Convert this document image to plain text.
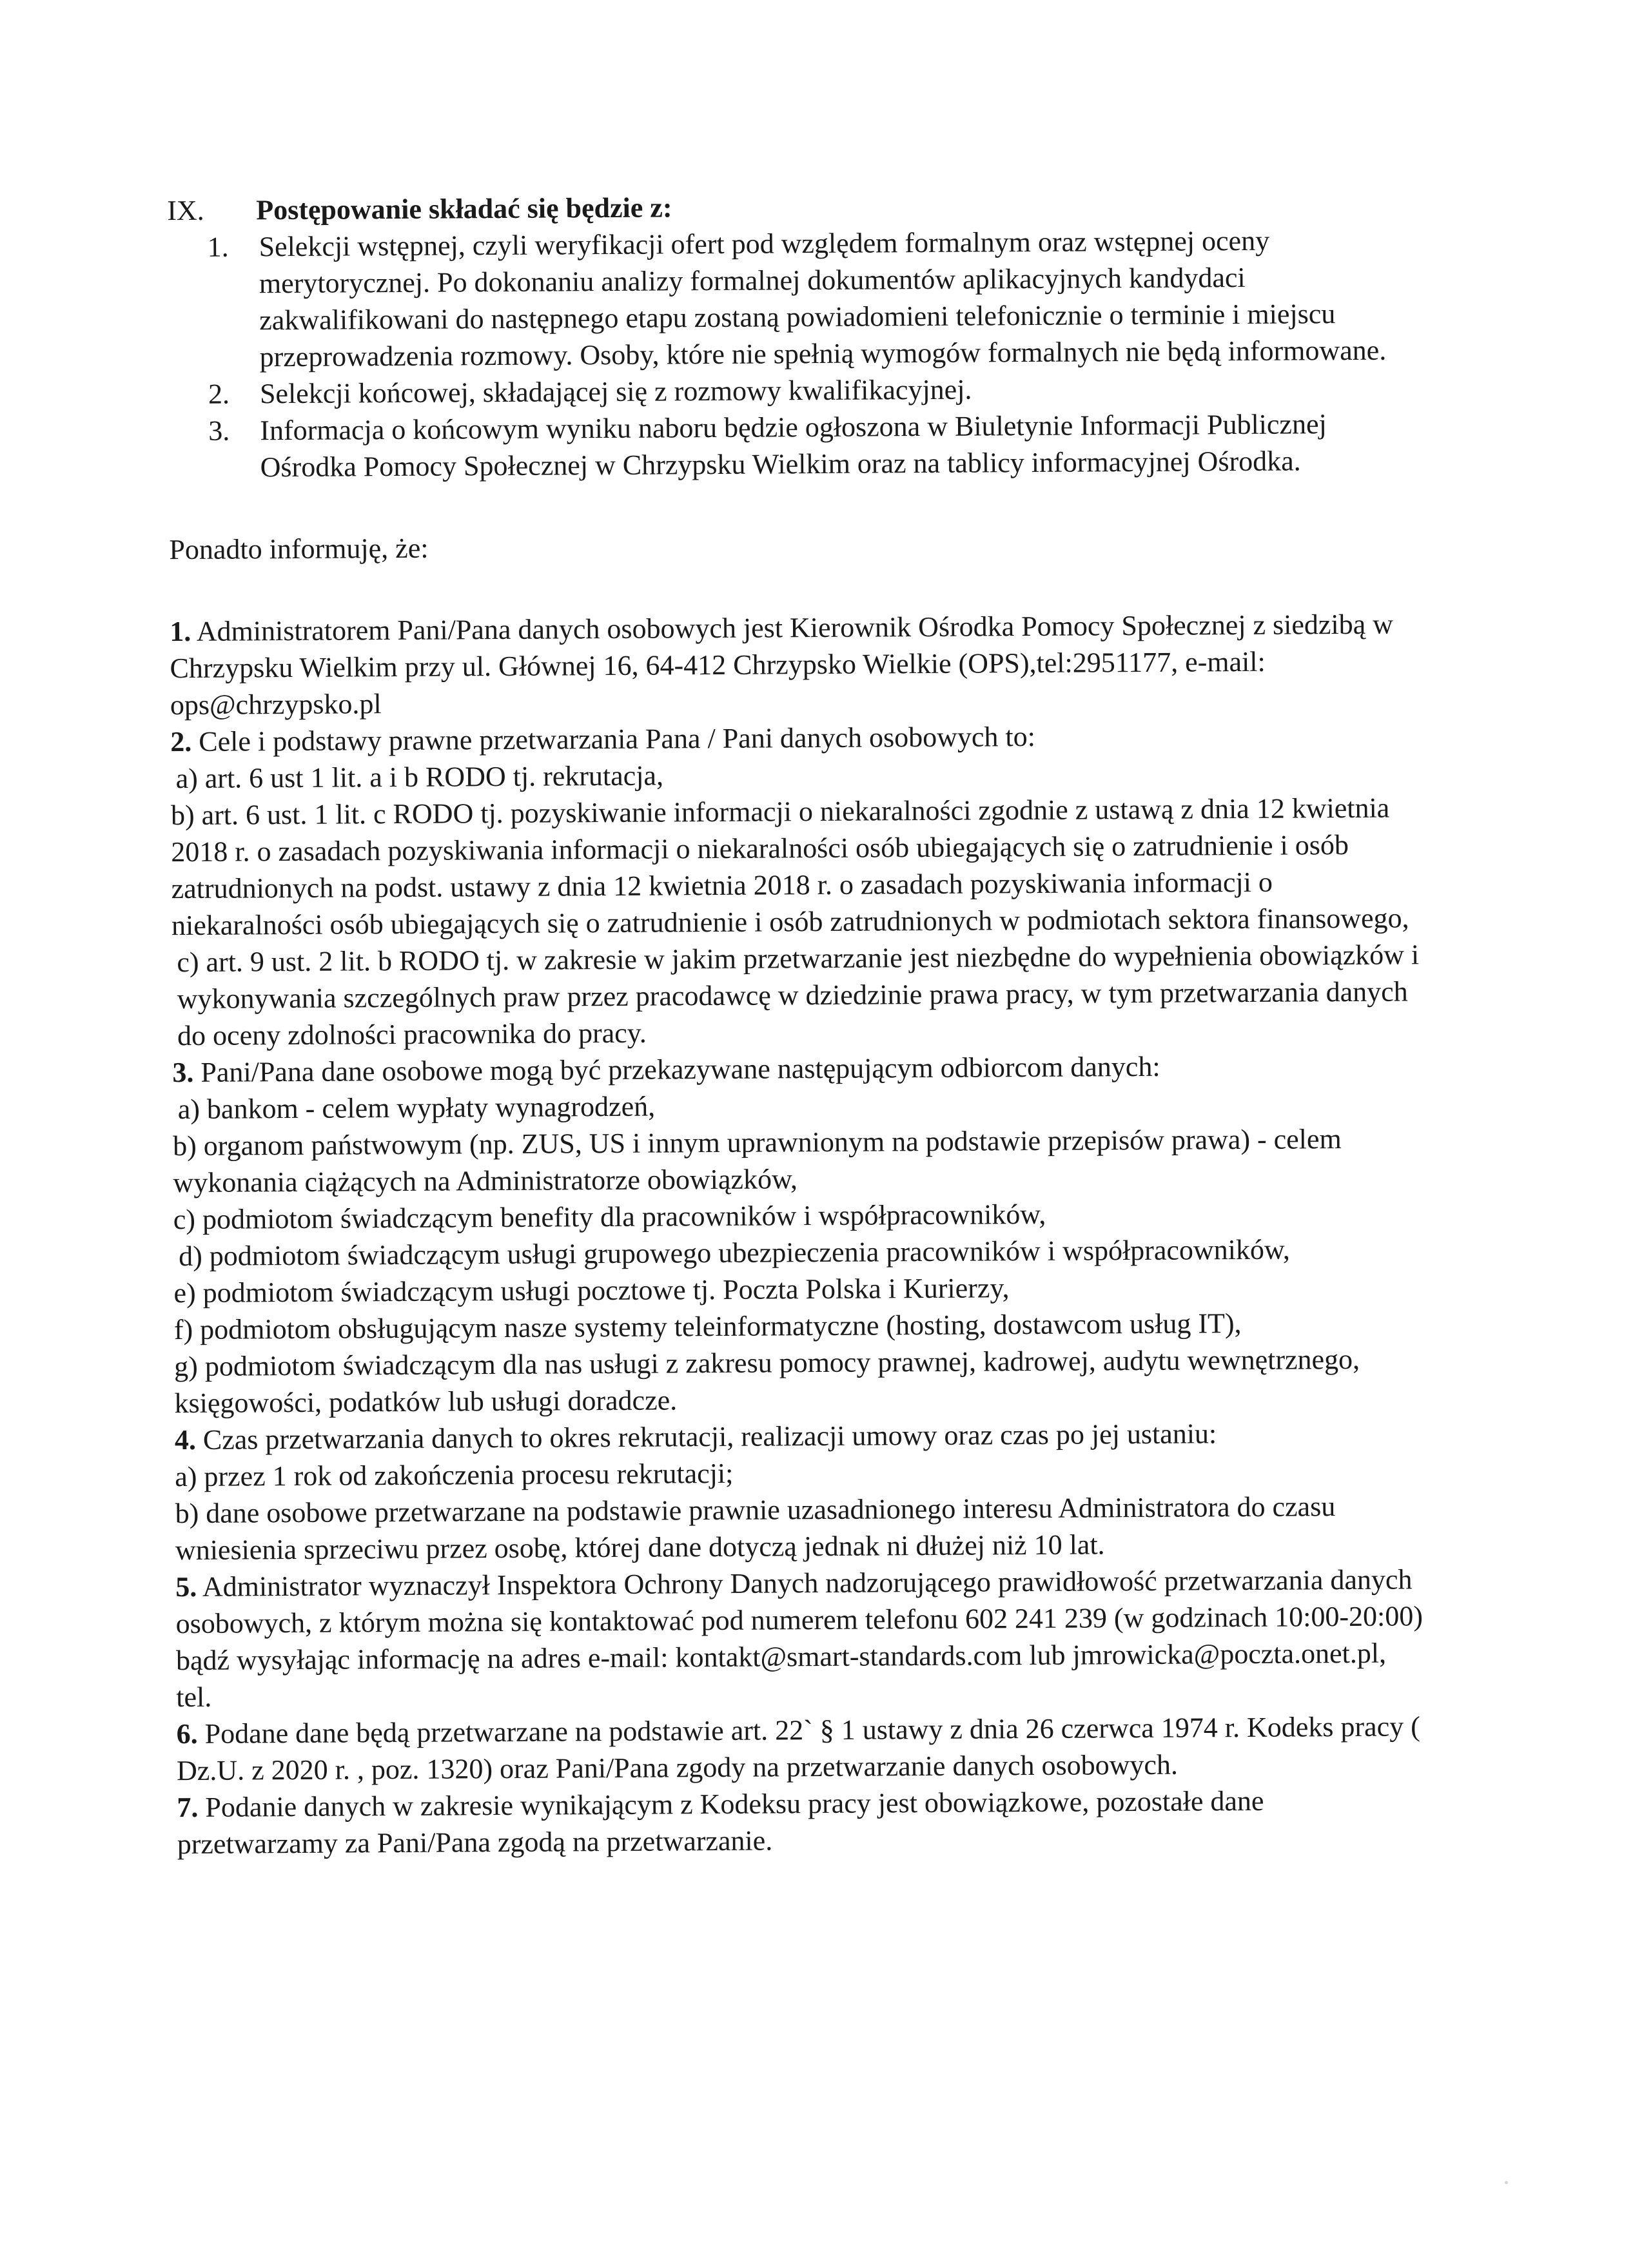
IX.	Postępowanie składać się będzie z:
1.	Selekcji wstępnej, czyli weryfikacji ofert pod względem formalnym oraz wstępnej oceny merytorycznej. Po dokonaniu analizy formalnej dokumentów aplikacyjnych kandydaci zakwalifikowani do następnego etapu zostaną powiadomieni telefonicznie o terminie i miejscu przeprowadzenia rozmowy. Osoby, które nie spełnią wymogów formalnych nie będą informowane.
2.	Selekcji końcowej, składającej się z rozmowy kwalifikacyjnej.
3.	Informacja o końcowym wyniku naboru będzie ogłoszona w Biuletynie Informacji Publicznej Ośrodka Pomocy Społecznej w Chrzypsku Wielkim oraz na tablicy informacyjnej Ośrodka.

Ponadto informuję, że:

1. Administratorem Pani/Pana danych osobowych jest Kierownik Ośrodka Pomocy Społecznej z siedzibą w Chrzypsku Wielkim przy ul. Głównej 16, 64-412 Chrzypsko Wielkie (OPS),tel:2951177, e-mail: ops@chrzypsko.pl

2. Cele i podstawy prawne przetwarzania Pana / Pani danych osobowych to:

a) art. 6 ust 1 lit. a i b RODO tj. rekrutacja,

b) art. 6 ust. 1 lit. c RODO tj. pozyskiwanie informacji o niekaralności zgodnie z ustawą z dnia 12 kwietnia 2018 r. o zasadach pozyskiwania informacji o niekaralności osób ubiegających się o zatrudnienie i osób zatrudnionych na podst. ustawy z dnia 12 kwietnia 2018 r. o zasadach pozyskiwania informacji o niekaralności osób ubiegających się o zatrudnienie i osób zatrudnionych w podmiotach sektora finansowego,

c) art. 9 ust. 2 lit. b RODO tj. w zakresie w jakim przetwarzanie jest niezbędne do wypełnienia obowiązków i wykonywania szczególnych praw przez pracodawcę w dziedzinie prawa pracy, w tym przetwarzania danych do oceny zdolności pracownika do pracy.

3. Pani/Pana dane osobowe mogą być przekazywane następującym odbiorcom danych:

a) bankom - celem wypłaty wynagrodzeń,

b) organom państwowym (np. ZUS, US i innym uprawnionym na podstawie przepisów prawa) - celem wykonania ciążących na Administratorze obowiązków,

c) podmiotom świadczącym benefity dla pracowników i współpracowników,

d) podmiotom świadczącym usługi grupowego ubezpieczenia pracowników i współpracowników,

e) podmiotom świadczącym usługi pocztowe tj. Poczta Polska i Kurierzy,

f) podmiotom obsługującym nasze systemy teleinformatyczne (hosting, dostawcom usług IT),

g) podmiotom świadczącym dla nas usługi z zakresu pomocy prawnej, kadrowej, audytu wewnętrznego, księgowości, podatków lub usługi doradcze.

4. Czas przetwarzania danych to okres rekrutacji, realizacji umowy oraz czas po jej ustaniu:

a) przez 1 rok od zakończenia procesu rekrutacji;

b) dane osobowe przetwarzane na podstawie prawnie uzasadnionego interesu Administratora do czasu wniesienia sprzeciwu przez osobę, której dane dotyczą jednak ni dłużej niż 10 lat.

5. Administrator wyznaczył Inspektora Ochrony Danych nadzorującego prawidłowość przetwarzania danych osobowych, z którym można się kontaktować pod numerem telefonu 602 241 239 (w godzinach 10:00-20:00) bądź wysyłając informację na adres e-mail: kontakt@smart-standards.com lub jmrowicka@poczta.onet.pl, tel.

6. Podane dane będą przetwarzane na podstawie art. 22` § 1 ustawy z dnia 26 czerwca 1974 r. Kodeks pracy ( Dz.U. z 2020 r. , poz. 1320) oraz Pani/Pana zgody na przetwarzanie danych osobowych.

7. Podanie danych w zakresie wynikającym z Kodeksu pracy jest obowiązkowe, pozostałe dane przetwarzamy za Pani/Pana zgodą na przetwarzanie.
